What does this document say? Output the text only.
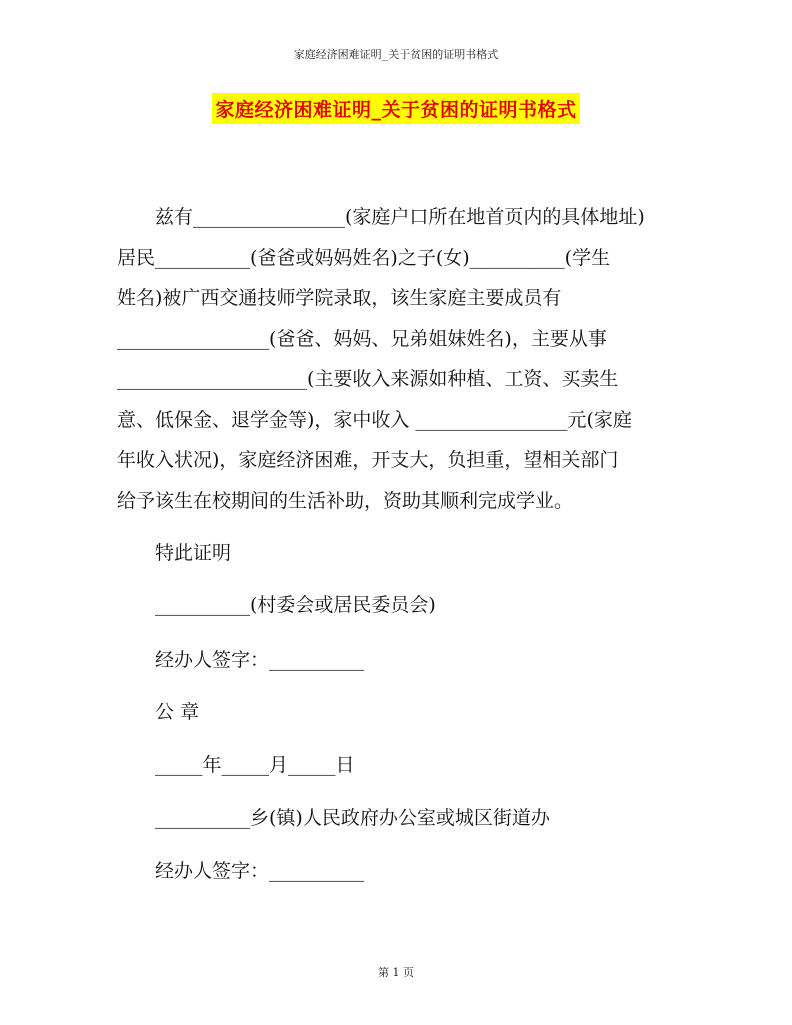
家庭经济困难证明_关于贫困的证明书格式
家庭经济困难证明_关于贫困的证明书格式
兹有________________(家庭户口所在地首页内的具体地址)
居民__________(爸爸或妈妈姓名)之子(女)__________(学生
姓名)被广西交通技师学院录取，该生家庭主要成员有
________________(爸爸、妈妈、兄弟姐妹姓名)，主要从事
____________________(主要收入来源如种植、工资、买卖生
意、低保金、退学金等)，家中收入 ________________元(家庭
年收入状况)，家庭经济困难，开支大，负担重，望相关部门
给予该生在校期间的生活补助，资助其顺利完成学业。
特此证明
__________(村委会或居民委员会)
经办人签字：__________
公 章
_____年_____月_____日
__________乡(镇)人民政府办公室或城区街道办
经办人签字：__________
第 1 页
